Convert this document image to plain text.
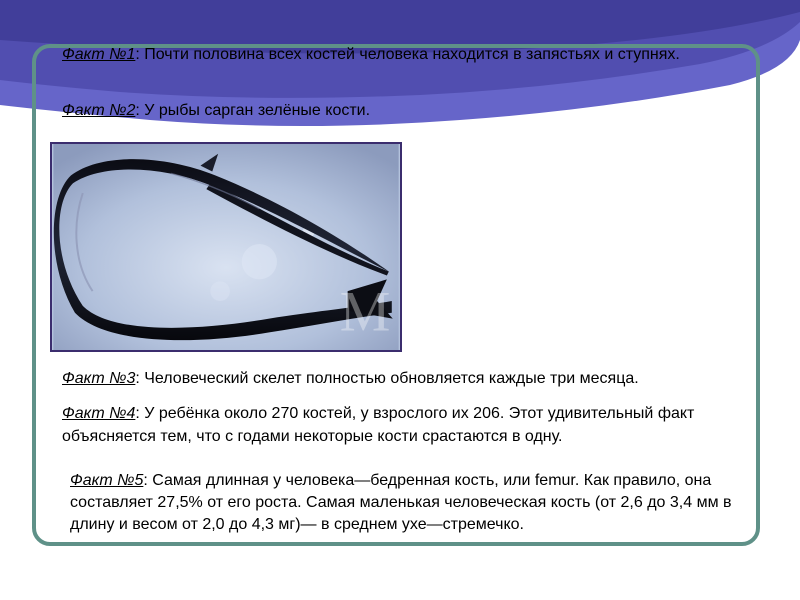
Факт №1: Почти половина всех костей человека находится в запястьях и ступнях.
Факт №2: У рыбы сарган зелёные кости.
M
Факт №3: Человеческий скелет полностью обновляется каждые три месяца.
Факт №4: У ребёнка около 270 костей, у взрослого их 206. Этот удивительный факт объясняется тем, что с годами некоторые кости срастаются в одну.
Факт №5: Самая длинная у человека—бедренная кость, или femur. Как правило, она составляет 27,5% от его роста. Самая маленькая человеческая кость (от 2,6 до 3,4 мм в длину и весом от 2,0 до 4,3 мг)— в среднем ухе—стремечко.
